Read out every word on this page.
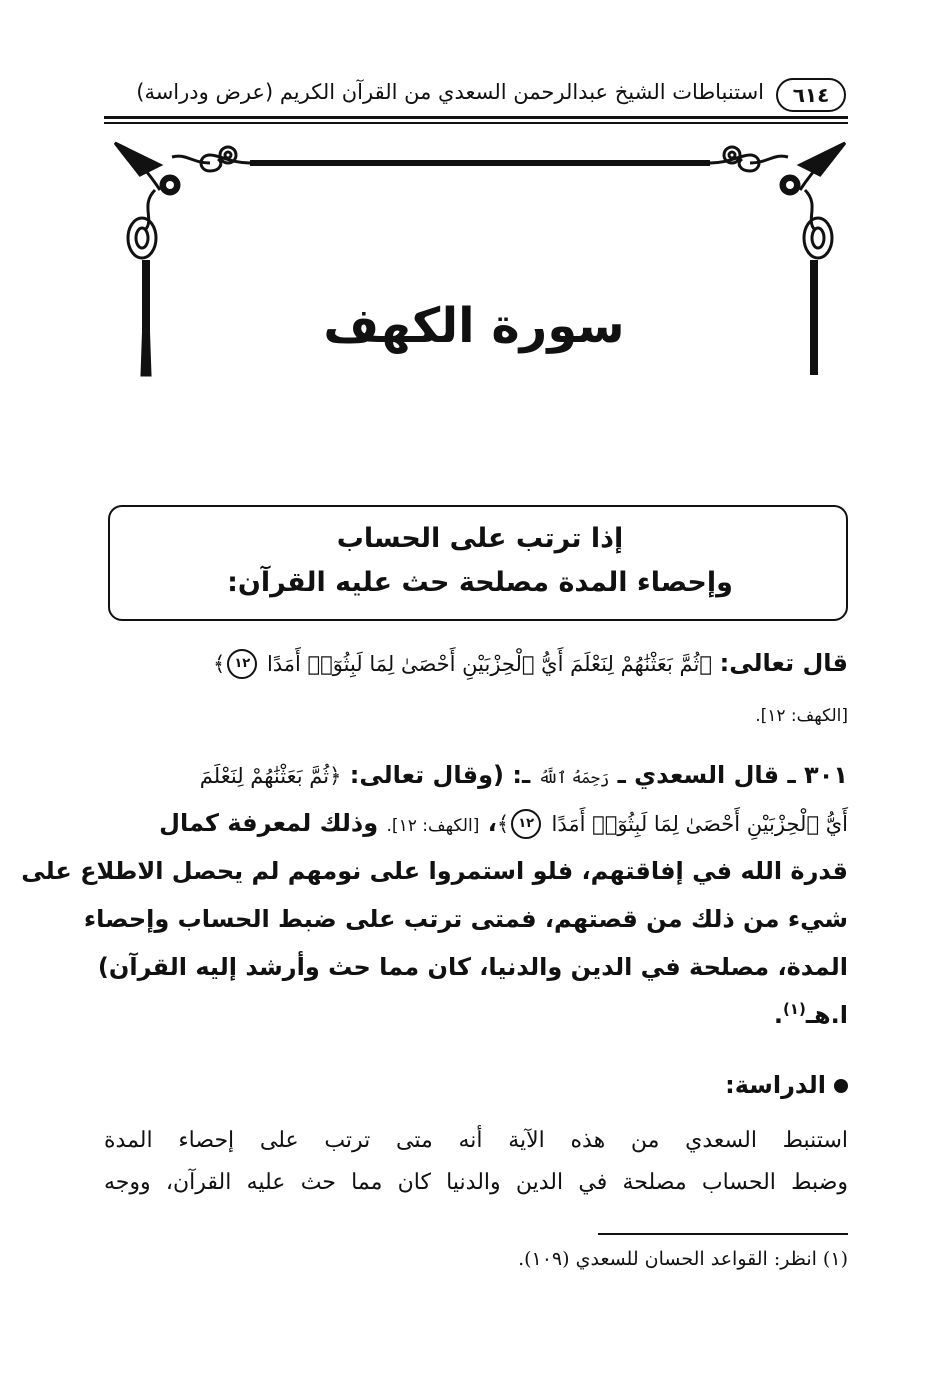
استنباطات الشيخ عبدالرحمن السعدي من القرآن الكريم (عرض ودراسة) ٦١٤
سورة الكهف
إذا ترتب على الحساب
وإحصاء المدة مصلحة حث عليه القرآن:
قال تعالى: ﴿ثُمَّ بَعَثْنَٰهُمْ لِنَعْلَمَ أَيُّ ٱلْحِزْبَيْنِ أَحْصَىٰ لِمَا لَبِثُوٓا۟ أَمَدًا ١٢﴾
[الكهف: ١٢].
٣٠١ ـ قال السعدي ـ رَحِمَهُ ٱللَّهُ ـ: (وقال تعالى: ﴿ثُمَّ بَعَثْنَٰهُمْ لِنَعْلَمَ
أَيُّ ٱلْحِزْبَيْنِ أَحْصَىٰ لِمَا لَبِثُوٓا۟ أَمَدًا ١٢﴾، [الكهف: ١٢]. وذلك لمعرفة كمال
قدرة الله في إفاقتهم، فلو استمروا على نومهم لم يحصل الاطلاع على
شيء من ذلك من قصتهم، فمتى ترتب على ضبط الحساب وإحصاء
المدة، مصلحة في الدين والدنيا، كان مما حث وأرشد إليه القرآن)
ا.هـ$^{(١)}$.
الدراسة:
استنبط السعدي من هذه الآية أنه متى ترتب على إحصاء المدة
وضبط الحساب مصلحة في الدين والدنيا كان مما حث عليه القرآن، ووجه
(١) انظر: القواعد الحسان للسعدي (١٠٩).
